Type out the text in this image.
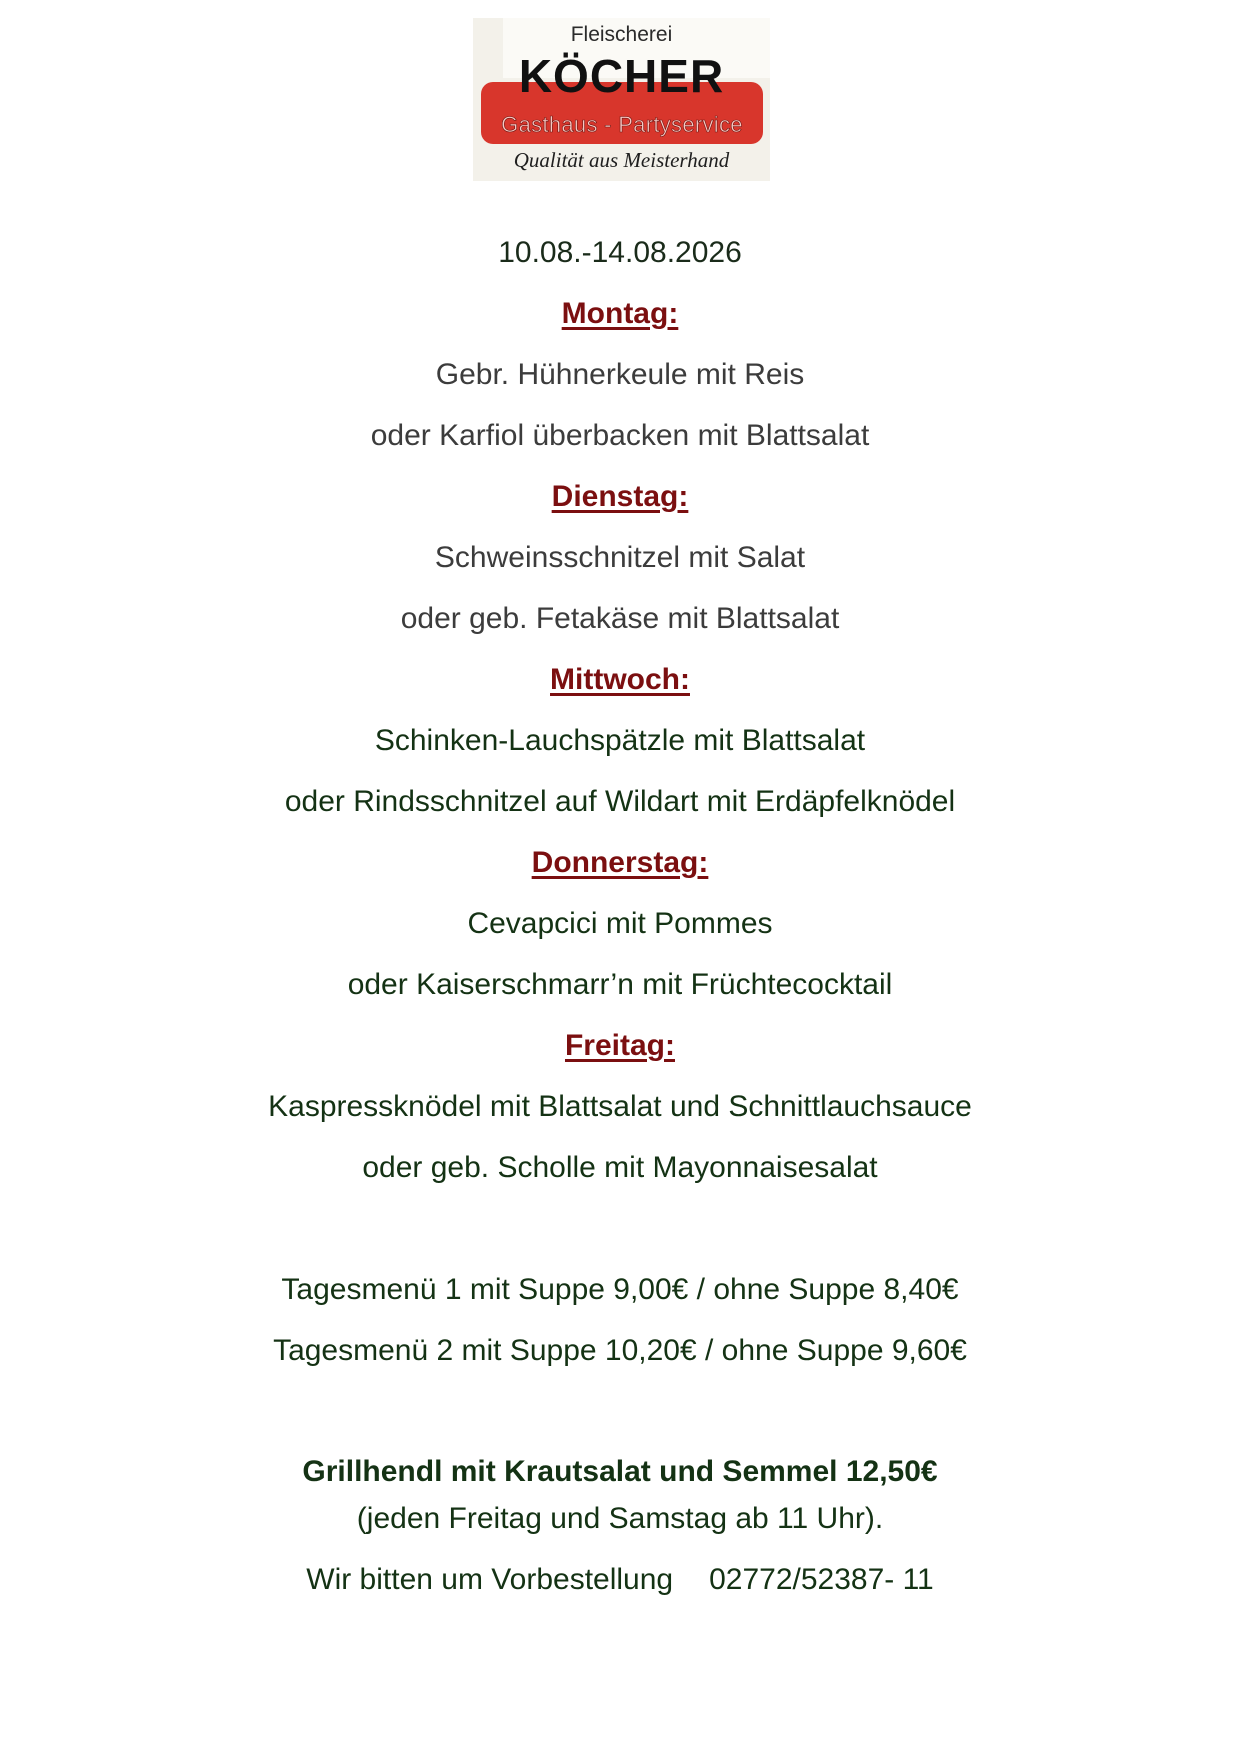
Fleischerei
KÖCHER
Gasthaus - Partyservice
Qualität aus Meisterhand
10.08.-14.08.2026
Montag:
Gebr. Hühnerkeule mit Reis
oder Karfiol überbacken mit Blattsalat
Dienstag:
Schweinsschnitzel mit Salat
oder geb. Fetakäse mit Blattsalat
Mittwoch:
Schinken-Lauchspätzle mit Blattsalat
oder Rindsschnitzel auf Wildart mit Erdäpfelknödel
Donnerstag:
Cevapcici mit Pommes
oder Kaiserschmarr’n mit Früchtecocktail
Freitag:
Kaspressknödel mit Blattsalat und Schnittlauchsauce
oder geb. Scholle mit Mayonnaisesalat
Tagesmenü 1 mit Suppe 9,00€ / ohne Suppe 8,40€
Tagesmenü 2 mit Suppe 10,20€ / ohne Suppe 9,60€
Grillhendl mit Krautsalat und Semmel 12,50€
(jeden Freitag und Samstag ab 11 Uhr).
Wir bitten um Vorbestellung 02772/52387- 11
